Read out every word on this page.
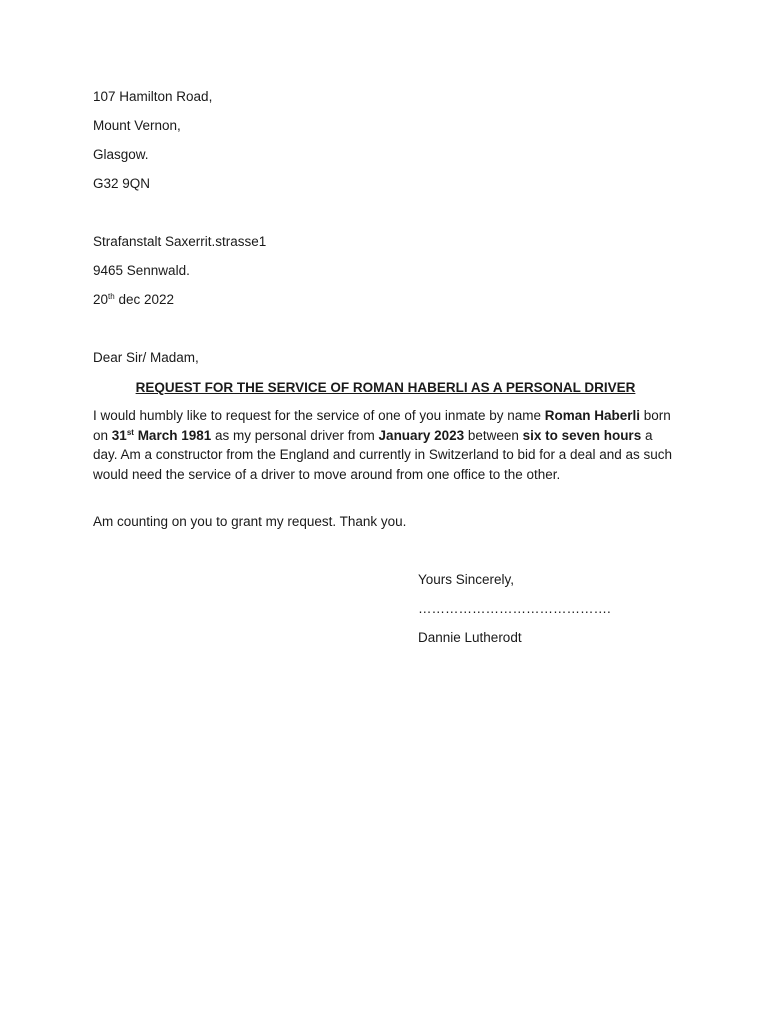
107 Hamilton Road,
Mount Vernon,
Glasgow.
G32 9QN
Strafanstalt Saxerrit.strasse1
9465 Sennwald.
20th dec 2022
Dear Sir/ Madam,
REQUEST FOR THE SERVICE OF ROMAN HABERLI AS A PERSONAL DRIVER
I would humbly like to request for the service of one of you inmate by name Roman Haberli born on 31st March 1981 as my personal driver from January 2023 between six to seven hours a day. Am a constructor from the England and currently in Switzerland to bid for a deal and as such would need the service of a driver to move around from one office to the other.
Am counting on you to grant my request. Thank you.
Yours Sincerely,
…………………………………….
Dannie Lutherodt
